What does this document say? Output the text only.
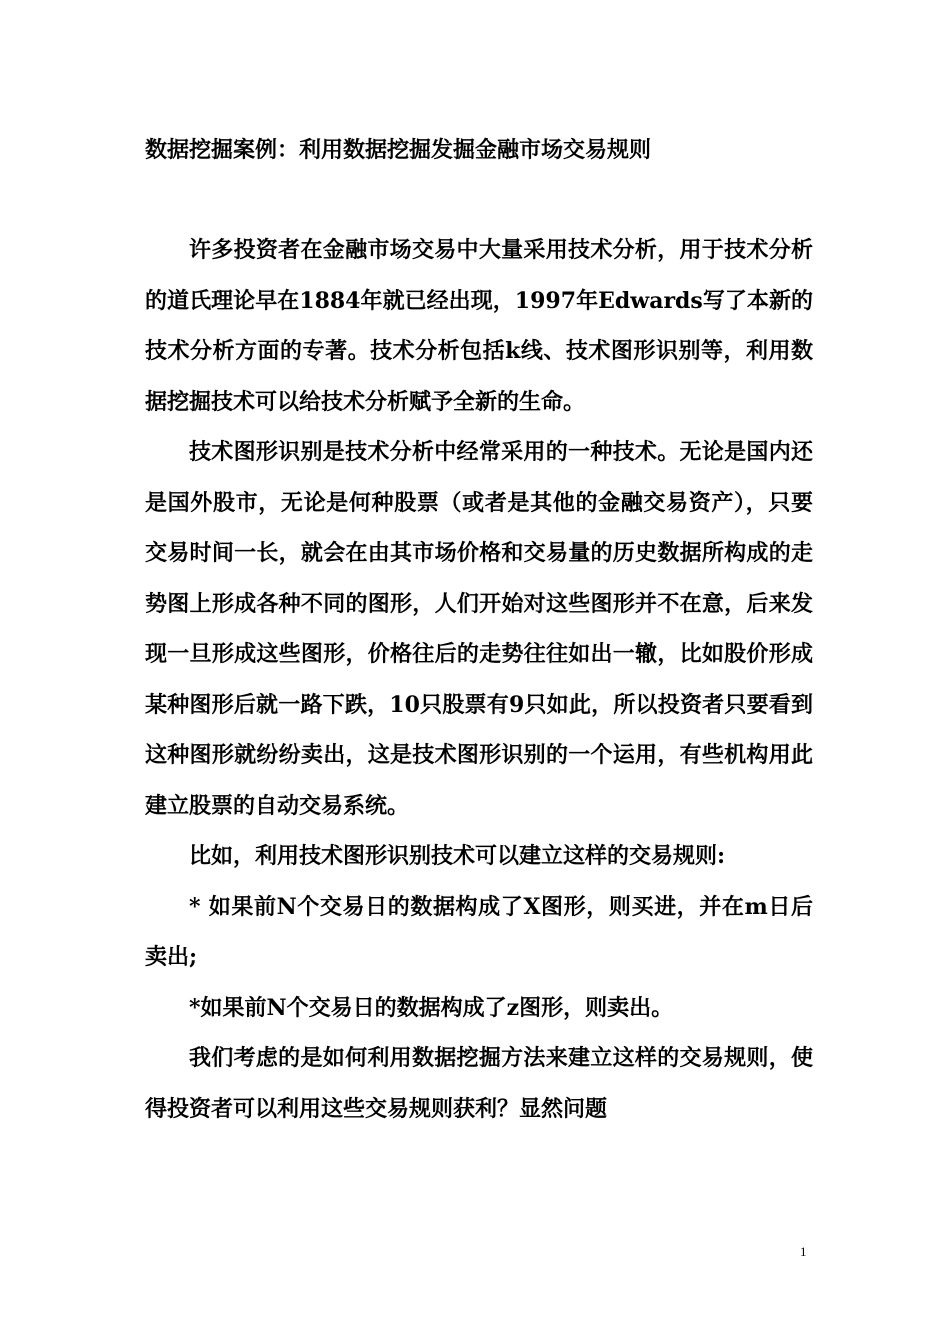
数据挖掘案例：利用数据挖掘发掘金融市场交易规则

许多投资者在金融市场交易中大量采用技术分析，用于技术分析的道氏理论早在1884年就已经出现，1997年Edwards写了本新的技术分析方面的专著。技术分析包括k线、技术图形识别等，利用数据挖掘技术可以给技术分析赋予全新的生命。

技术图形识别是技术分析中经常采用的一种技术。无论是国内还是国外股市，无论是何种股票（或者是其他的金融交易资产），只要交易时间一长，就会在由其市场价格和交易量的历史数据所构成的走势图上形成各种不同的图形，人们开始对这些图形并不在意，后来发现一旦形成这些图形，价格往后的走势往往如出一辙，比如股价形成某种图形后就一路下跌，10只股票有9只如此，所以投资者只要看到这种图形就纷纷卖出，这是技术图形识别的一个运用，有些机构用此建立股票的自动交易系统。

比如，利用技术图形识别技术可以建立这样的交易规则:

* 如果前N个交易日的数据构成了X图形，则买进，并在m日后卖出;

*如果前N个交易日的数据构成了z图形，则卖出。

我们考虑的是如何利用数据挖掘方法来建立这样的交易规则，使得投资者可以利用这些交易规则获利？显然问题

1
